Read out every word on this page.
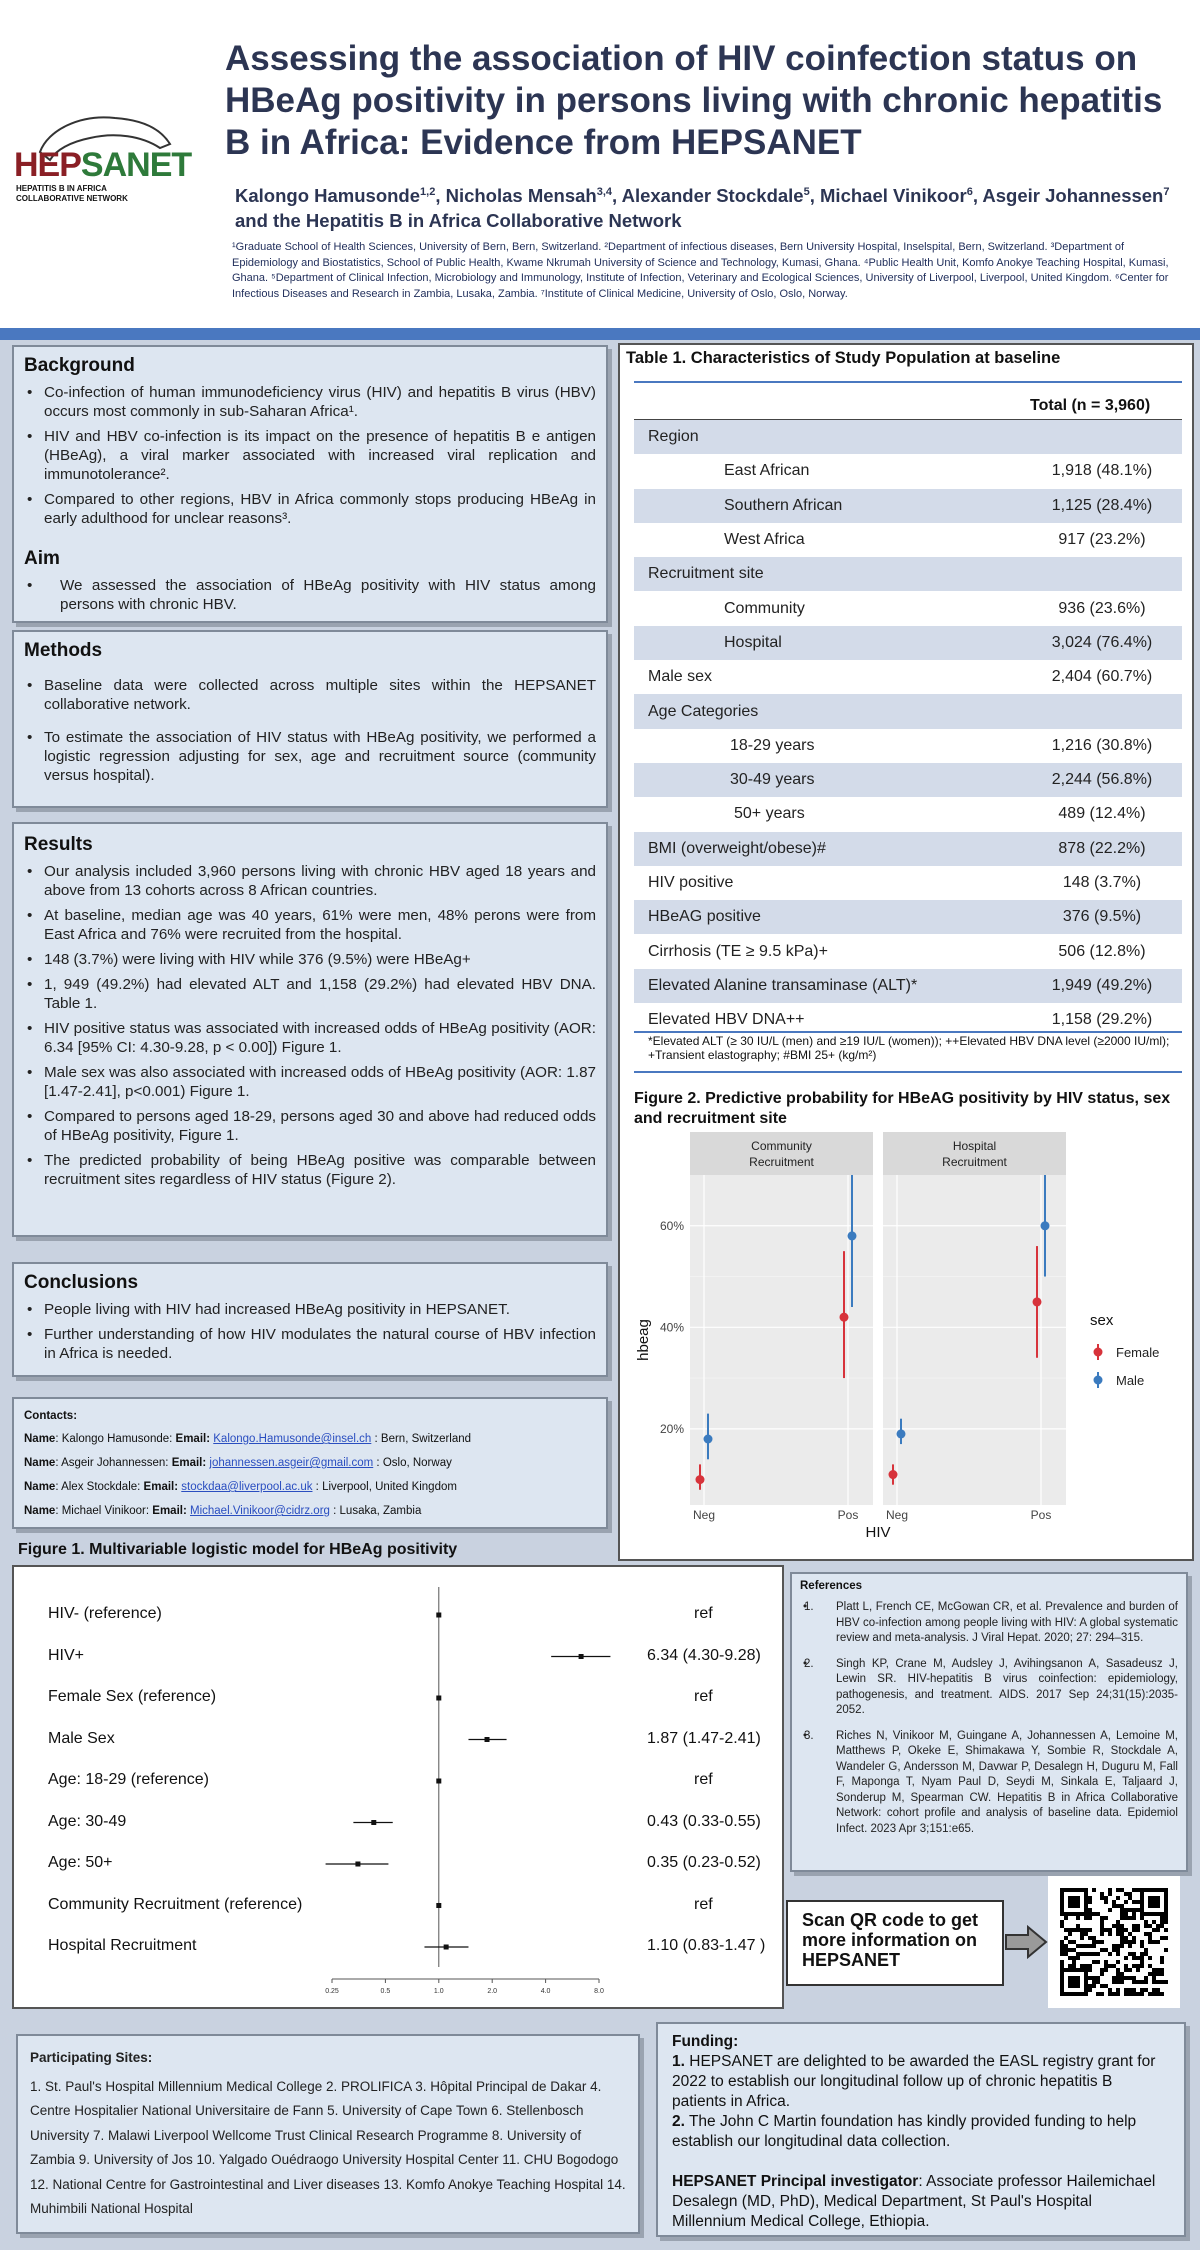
HEPSANET
HEPATITIS B IN AFRICA
COLLABORATIVE NETWORK
Assessing the association of HIV coinfection status on HBeAg positivity in persons living with chronic hepatitis B in Africa: Evidence from HEPSANET
Kalongo Hamusonde$^{1,2}$, Nicholas Mensah$^{3,4}$, Alexander Stockdale$^5$, Michael Vinikoor$^6$, Asgeir Johannessen$^7$ and the Hepatitis B in Africa Collaborative Network
¹Graduate School of Health Sciences, University of Bern, Bern, Switzerland. ²Department of infectious diseases, Bern University Hospital, Inselspital, Bern, Switzerland. ³Department of Epidemiology and Biostatistics, School of Public Health, Kwame Nkrumah University of Science and Technology, Kumasi, Ghana. ⁴Public Health Unit, Komfo Anokye Teaching Hospital, Kumasi, Ghana. ⁵Department of Clinical Infection, Microbiology and Immunology, Institute of Infection, Veterinary and Ecological Sciences, University of Liverpool, Liverpool, United Kingdom. ⁶Center for Infectious Diseases and Research in Zambia, Lusaka, Zambia. ⁷Institute of Clinical Medicine, University of Oslo, Oslo, Norway.
Background
• Co-infection of human immunodeficiency virus (HIV) and hepatitis B virus (HBV) occurs most commonly in sub-Saharan Africa¹.
• HIV and HBV co-infection is its impact on the presence of hepatitis B e antigen (HBeAg), a viral marker associated with increased viral replication and immunotolerance².
• Compared to other regions, HBV in Africa commonly stops producing HBeAg in early adulthood for unclear reasons³.
Aim
• We assessed the association of HBeAg positivity with HIV status among persons with chronic HBV.
Methods
• Baseline data were collected across multiple sites within the HEPSANET collaborative network.
• To estimate the association of HIV status with HBeAg positivity, we performed a logistic regression adjusting for sex, age and recruitment source (community versus hospital).
Results
• Our analysis included 3,960 persons living with chronic HBV aged 18 years and above from 13 cohorts across 8 African countries.
• At baseline, median age was 40 years, 61% were men, 48% perons were from East Africa and 76% were recruited from the hospital.
• 148 (3.7%) were living with HIV while 376 (9.5%) were HBeAg+
• 1, 949 (49.2%) had elevated ALT and 1,158 (29.2%) had elevated HBV DNA. Table 1.
• HIV positive status was associated with increased odds of HBeAg positivity (AOR: 6.34 [95% CI: 4.30-9.28, p < 0.00]) Figure 1.
• Male sex was also associated with increased odds of HBeAg positivity (AOR: 1.87 [1.47-2.41], p<0.001) Figure 1.
• Compared to persons aged 18-29, persons aged 30 and above had reduced odds of HBeAg positivity, Figure 1.
• The predicted probability of being HBeAg positive was comparable between recruitment sites regardless of HIV status (Figure 2).
Conclusions
• People living with HIV had increased HBeAg positivity in HEPSANET.
• Further understanding of how HIV modulates the natural course of HBV infection in Africa is needed.

Contacts:

Name: Kalongo Hamusonde: Email: Kalongo.Hamusonde@insel.ch : Bern, Switzerland

Name: Asgeir Johannessen: Email: johannessen.asgeir@gmail.com : Oslo, Norway

Name: Alex Stockdale: Email: stockdaa@liverpool.ac.uk : Liverpool, United Kingdom

Name: Michael Vinikoor: Email: Michael.Vinikoor@cidrz.org : Lusaka, Zambia

Table 1. Characteristics of Study Population at baseline
Total (n = 3,960)
Region	
East African	1,918 (48.1%)
Southern African	1,125 (28.4%)
West Africa	917 (23.2%)
Recruitment site	
Community	936 (23.6%)
Hospital	3,024 (76.4%)
Male sex	2,404 (60.7%)
Age Categories	
18-29 years	1,216 (30.8%)
30-49 years	2,244 (56.8%)
50+ years	489 (12.4%)
BMI (overweight/obese)#	878 (22.2%)
HIV positive	148 (3.7%)
HBeAG positive	376 (9.5%)
Cirrhosis (TE ≥ 9.5 kPa)+	506 (12.8%)
Elevated Alanine transaminase (ALT)*	1,949 (49.2%)
Elevated HBV DNA++	1,158 (29.2%)
*Elevated ALT (≥ 30 IU/L (men) and ≥19 IU/L (women)); ++Elevated HBV DNA level (≥2000 IU/ml); +Transient elastography; #BMI 25+ (kg/m²)
Figure 2. Predictive probability for HBeAG positivity by HIV status, sex and recruitment site
Community
Recruitment
Neg	Pos
Hospital
Recruitment
Neg	Pos
20%
40%
60%
hbeag
HIV
sex
Female
Male
Figure 1. Multivariable logistic model for HBeAg positivity
0.25	0.5	1.0	2.0	4.0	8.0
HIV- (reference)	ref
HIV+	6.34 (4.30-9.28)
Female Sex (reference)	ref
Male Sex	1.87 (1.47-2.41)
Age: 18-29 (reference)	ref
Age: 30-49	0.43 (0.33-0.55)
Age: 50+	0.35 (0.23-0.52)
Community Recruitment (reference)	ref
Hospital Recruitment	1.10 (0.83-1.47 )

References

• 1. Platt L, French CE, McGowan CR, et al. Prevalence and burden of HBV co-infection among people living with HIV: A global systematic review and meta-analysis. J Viral Hepat. 2020; 27: 294–315.
• 2. Singh KP, Crane M, Audsley J, Avihingsanon A, Sasadeusz J, Lewin SR. HIV-hepatitis B virus coinfection: epidemiology, pathogenesis, and treatment. AIDS. 2017 Sep 24;31(15):2035-2052.
• 3. Riches N, Vinikoor M, Guingane A, Johannessen A, Lemoine M, Matthews P, Okeke E, Shimakawa Y, Sombie R, Stockdale A, Wandeler G, Andersson M, Davwar P, Desalegn H, Duguru M, Fall F, Maponga T, Nyam Paul D, Seydi M, Sinkala E, Taljaard J, Sonderup M, Spearman CW. Hepatitis B in Africa Collaborative Network: cohort profile and analysis of baseline data. Epidemiol Infect. 2023 Apr 3;151:e65.
Scan QR code to get more information on HEPSANET

Participating Sites:

1. St. Paul's Hospital Millennium Medical College 2. PROLIFICA 3. Hôpital Principal de Dakar 4. Centre Hospitalier National Universitaire de Fann 5. University of Cape Town 6. Stellenbosch University 7. Malawi Liverpool Wellcome Trust Clinical Research Programme 8. University of Zambia 9. University of Jos 10. Yalgado Ouédraogo University Hospital Center 11. CHU Bogodogo 12. National Centre for Gastrointestinal and Liver diseases 13. Komfo Anokye Teaching Hospital 14. Muhimbili National Hospital

Funding:

1. HEPSANET are delighted to be awarded the EASL registry grant for 2022 to establish our longitudinal follow up of chronic hepatitis B patients in Africa.

2. The John C Martin foundation has kindly provided funding to help establish our longitudinal data collection.

HEPSANET Principal investigator: Associate professor Hailemichael Desalegn (MD, PhD), Medical Department, St Paul's Hospital Millennium Medical College, Ethiopia.
